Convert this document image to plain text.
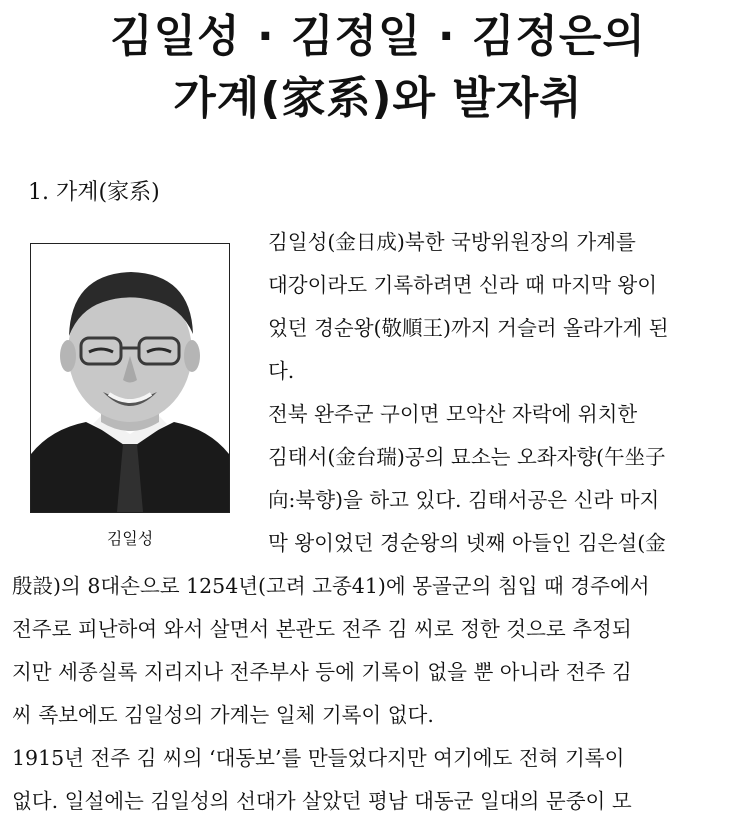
김일성 · 김정일 · 김정은의
가계(家系)와 발자취
1. 가계(家系)
김일성
김일성(金日成)북한 국방위원장의 가계를
대강이라도 기록하려면 신라 때 마지막 왕이
었던 경순왕(敬順王)까지 거슬러 올라가게 된
다.
전북 완주군 구이면 모악산 자락에 위치한
김태서(金台瑞)공의 묘소는 오좌자향(午坐子
向:북향)을 하고 있다. 김태서공은 신라 마지
막 왕이었던 경순왕의 넷째 아들인 김은설(金
殷設)의 8대손으로 1254년(고려 고종41)에 몽골군의 침입 때 경주에서
전주로 피난하여 와서 살면서 본관도 전주 김 씨로 정한 것으로 추정되
지만 세종실록 지리지나 전주부사 등에 기록이 없을 뿐 아니라 전주 김
씨 족보에도 김일성의 가계는 일체 기록이 없다.
1915년 전주 김 씨의 ‘대동보’를 만들었다지만 여기에도 전혀 기록이
없다. 일설에는 김일성의 선대가 살았던 평남 대동군 일대의 문중이 모
